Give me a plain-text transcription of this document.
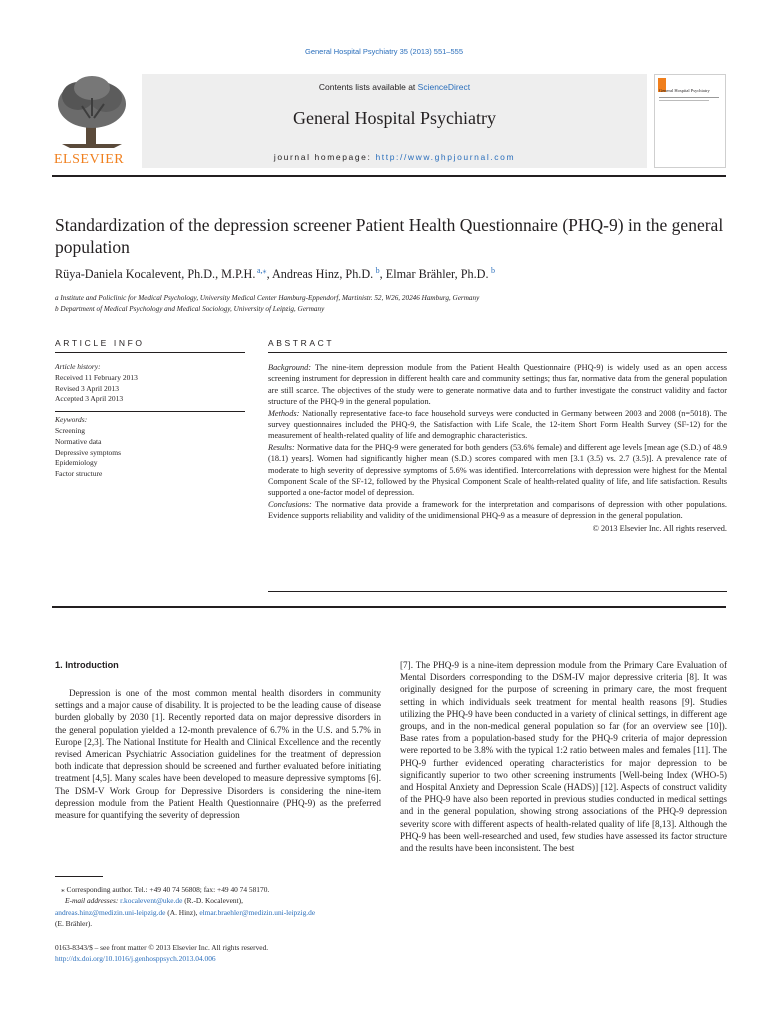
General Hospital Psychiatry 35 (2013) 551–555
ELSEVIER
Contents lists available at ScienceDirect
General Hospital Psychiatry
journal homepage: http://www.ghpjournal.com
General Hospital Psychiatry
Standardization of the depression screener Patient Health Questionnaire (PHQ-9) in the general population
Rüya-Daniela Kocalevent, Ph.D., M.P.H.  $^{a,⁎}$, Andreas Hinz, Ph.D.  $^b$, Elmar Brähler, Ph.D.  $^b$
a Institute and Policlinic for Medical Psychology, University Medical Center Hamburg-Eppendorf, Martinistr. 52, W26, 20246 Hamburg, Germany
b Department of Medical Psychology and Medical Sociology, University of Leipzig, Germany
ARTICLE INFO	ABSTRACT
Article history:
Received 11 February 2013
Revised 3 April 2013
Accepted 3 April 2013
Keywords:
Screening
Normative data
Depressive symptoms
Epidemiology
Factor structure
Background: The nine-item depression module from the Patient Health Questionnaire (PHQ-9) is widely used as an open access screening instrument for depression in different health care and community settings; thus far, normative data from the general population are still scarce. The objectives of the study were to generate normative data and to further investigate the construct validity and factor structure of the PHQ-9 in the general population.
Methods: Nationally representative face-to face household surveys were conducted in Germany between 2003 and 2008 (n=5018). The survey questionnaires included the PHQ-9, the Satisfaction with Life Scale, the 12-item Short Form Health Survey (SF-12) for the measurement of health-related quality of life and demographic characteristics.
Results: Normative data for the PHQ-9 were generated for both genders (53.6% female) and different age levels [mean age (S.D.) of 48.9 (18.1) years]. Women had significantly higher mean (S.D.) scores compared with men [3.1 (3.5) vs. 2.7 (3.5)]. A prevalence rate of moderate to high severity of depressive symptoms of 5.6% was identified. Intercorrelations with depression were highest for the Mental Component Scale of the SF-12, followed by the Physical Component Scale of health-related quality of life, and life satisfaction. Results supported a one-factor model of depression.
Conclusions: The normative data provide a framework for the interpretation and comparisons of depression with other populations. Evidence supports reliability and validity of the unidimensional PHQ-9 as a measure of depression in the general population.
© 2013 Elsevier Inc. All rights reserved.
1. Introduction
Depression is one of the most common mental health disorders in community settings and a major cause of disability. It is projected to be the leading cause of disease burden globally by 2030 [1]. Recently reported data on major depressive disorders in the general population yielded a 12-month prevalence of 6.7% in the U.S. and 5.7% in Europe [2,3]. The National Institute for Health and Clinical Excellence and the recently revised American Psychiatric Association guidelines for the treatment of depression both indicate that depression should be screened and further evaluated before initiating treatment [4,5]. Many scales have been developed to measure depressive symptoms [6]. The DSM-V Work Group for Depressive Disorders is considering the nine-item depression module from the Patient Health Questionnaire (PHQ-9) as the preferred measure for quantifying the severity of depression
[7]. The PHQ-9 is a nine-item depression module from the Primary Care Evaluation of Mental Disorders corresponding to the DSM-IV major depressive criteria [8]. It was originally designed for the purpose of screening in primary care, the most frequent setting in which individuals seek treatment for mental health reasons [9]. Studies utilizing the PHQ-9 have been conducted in a variety of clinical settings, in different age groups, and in the non-medical general population so far (for an overview see [10]). Base rates from a population-based study for the PHQ-9 criteria of major depression were reported to be 3.8% with the typical 1:2 ratio between males and females [11]. The PHQ-9 further evidenced operating characteristics for major depression to be significantly superior to two other screening instruments [Well-being Index (WHO-5) and Hospital Anxiety and Depression Scale (HADS)] [12]. Aspects of construct validity of the PHQ-9 have also been reported in previous studies conducted in medical settings and in the general population, showing strong associations of the PHQ-9 depression severity score with different aspects of health-related quality of life [8,13]. Although the PHQ-9 has been well-researched and used, few studies have assessed its factor structure and the results have been inconsistent. The best
⁎ Corresponding author. Tel.: +49 40 74 56808; fax: +49 40 74 58170.
E-mail addresses: r.kocalevent@uke.de (R.-D. Kocalevent),
andreas.hinz@medizin.uni-leipzig.de (A. Hinz), elmar.braehler@medizin.uni-leipzig.de
(E. Brähler).
0163-8343/$ – see front matter © 2013 Elsevier Inc. All rights reserved.
http://dx.doi.org/10.1016/j.genhosppsych.2013.04.006
